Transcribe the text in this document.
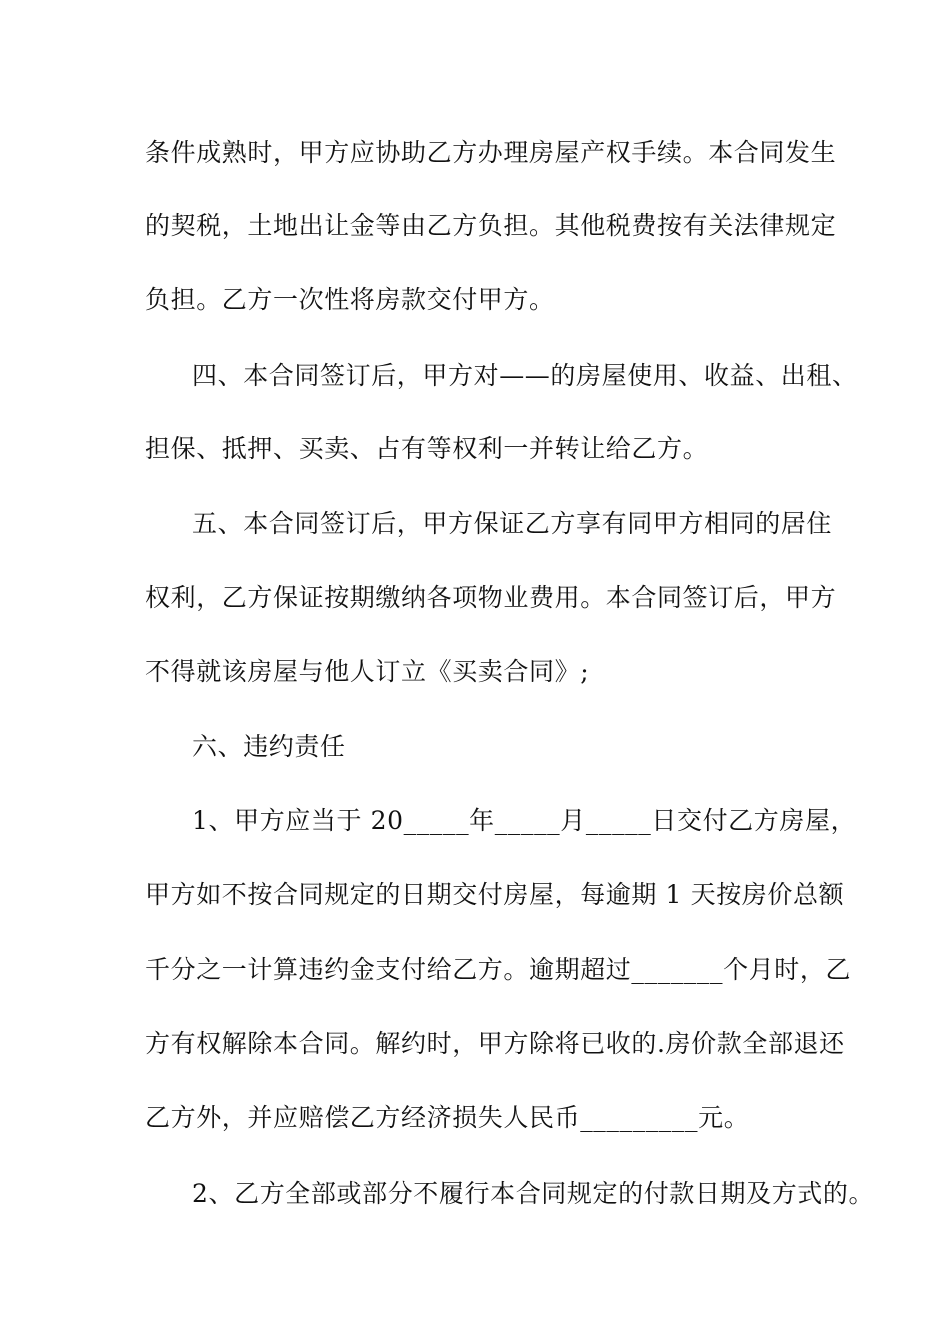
条件成熟时，甲方应协助乙方办理房屋产权手续。本合同发生
的契税，土地出让金等由乙方负担。其他税费按有关法律规定
负担。乙方一次性将房款交付甲方。
四、本合同签订后，甲方对——的房屋使用、收益、出租、
担保、抵押、买卖、占有等权利一并转让给乙方。
五、本合同签订后，甲方保证乙方享有同甲方相同的居住
权利，乙方保证按期缴纳各项物业费用。本合同签订后，甲方
不得就该房屋与他人订立《买卖合同》;
六、违约责任
1、甲方应当于 20_____年_____月_____日交付乙方房屋，
甲方如不按合同规定的日期交付房屋，每逾期 1 天按房价总额
千分之一计算违约金支付给乙方。逾期超过_______个月时，乙
方有权解除本合同。解约时，甲方除将已收的.房价款全部退还
乙方外，并应赔偿乙方经济损失人民币_________元。
2、乙方全部或部分不履行本合同规定的付款日期及方式的。
